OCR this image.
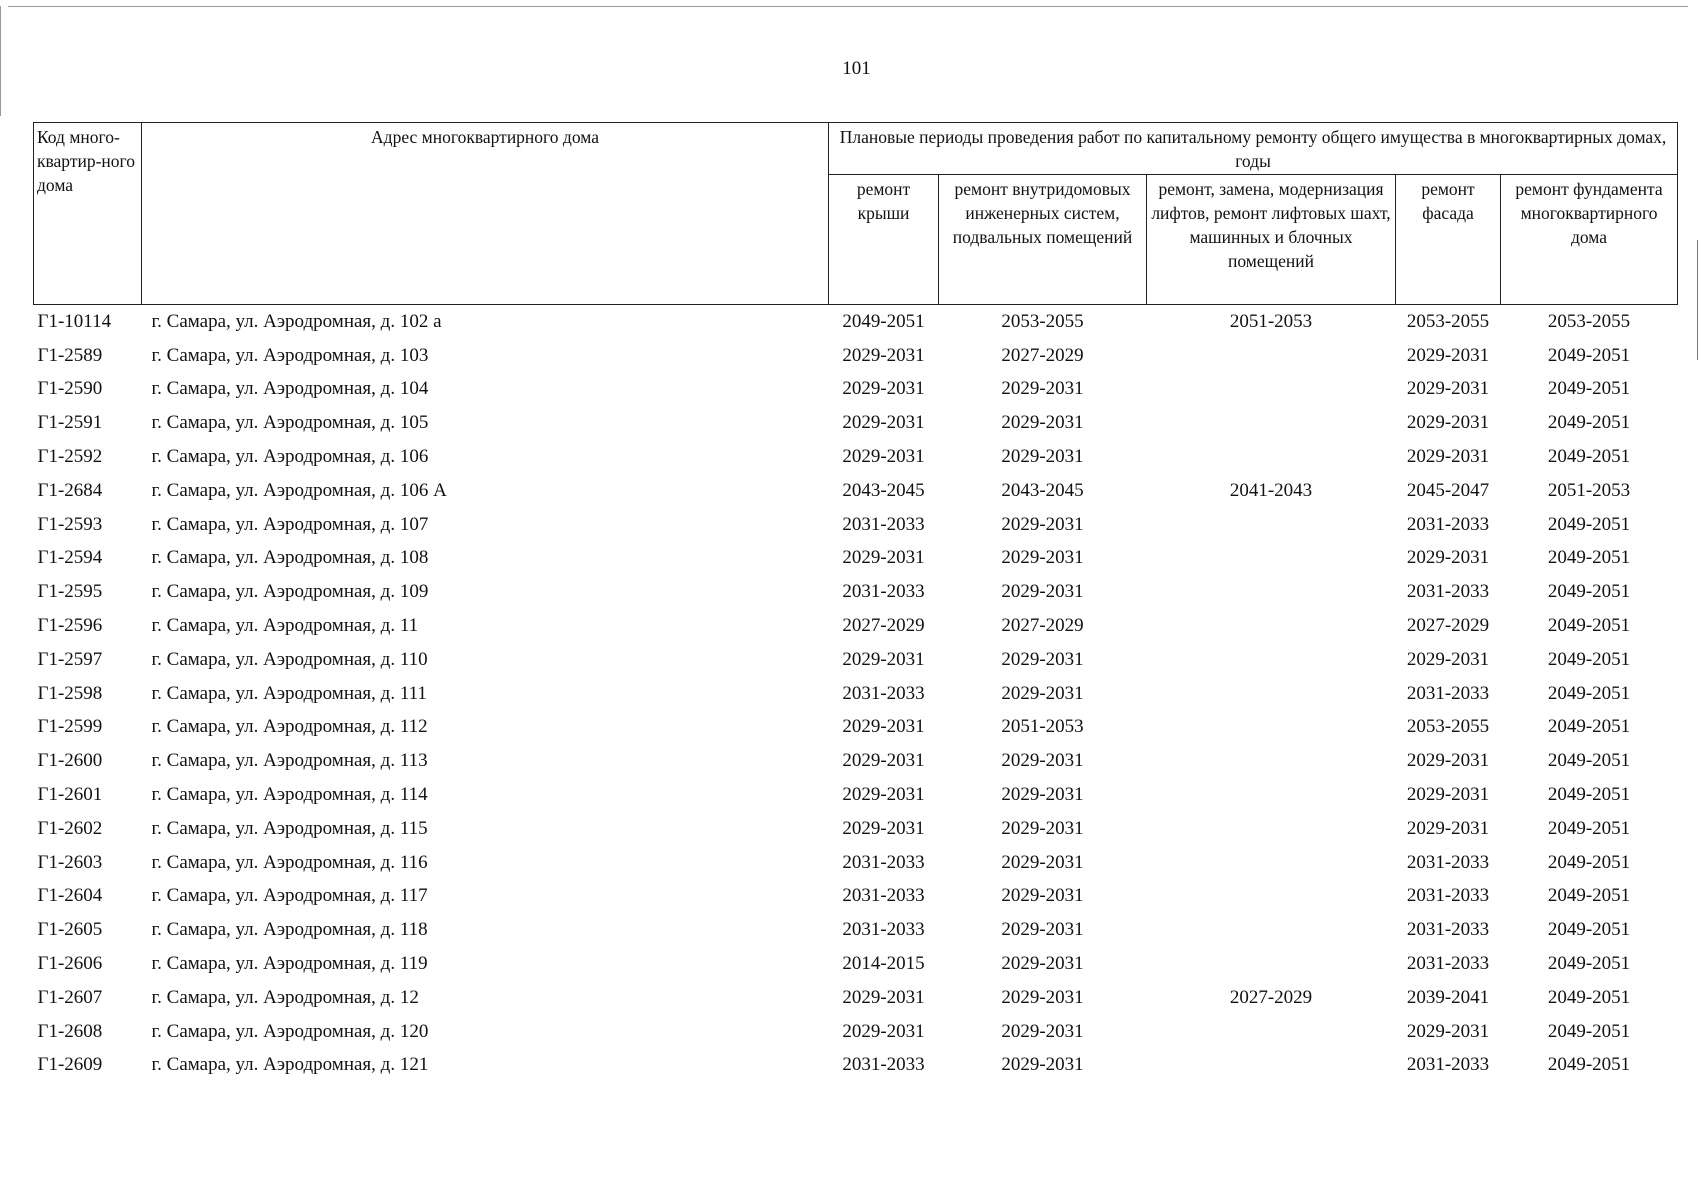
101
Код много-квартир-ного дома	Адрес многоквартирного дома	Плановые периоды проведения работ по капитальному ремонту общего имущества в многоквартирных домах, годы				
		ремонт крыши	ремонт внутридомовых инженерных систем, подвальных помещений	ремонт, замена, модернизация лифтов, ремонт лифтовых шахт, машинных и блочных помещений	ремонт фасада	ремонт фундамента многоквартирного дома
Г1-10114	г. Самара, ул. Аэродромная, д. 102 а	2049-2051	2053-2055	2051-2053	2053-2055	2053-2055
Г1-2589	г. Самара, ул. Аэродромная, д. 103	2029-2031	2027-2029		2029-2031	2049-2051
Г1-2590	г. Самара, ул. Аэродромная, д. 104	2029-2031	2029-2031		2029-2031	2049-2051
Г1-2591	г. Самара, ул. Аэродромная, д. 105	2029-2031	2029-2031		2029-2031	2049-2051
Г1-2592	г. Самара, ул. Аэродромная, д. 106	2029-2031	2029-2031		2029-2031	2049-2051
Г1-2684	г. Самара, ул. Аэродромная, д. 106 А	2043-2045	2043-2045	2041-2043	2045-2047	2051-2053
Г1-2593	г. Самара, ул. Аэродромная, д. 107	2031-2033	2029-2031		2031-2033	2049-2051
Г1-2594	г. Самара, ул. Аэродромная, д. 108	2029-2031	2029-2031		2029-2031	2049-2051
Г1-2595	г. Самара, ул. Аэродромная, д. 109	2031-2033	2029-2031		2031-2033	2049-2051
Г1-2596	г. Самара, ул. Аэродромная, д. 11	2027-2029	2027-2029		2027-2029	2049-2051
Г1-2597	г. Самара, ул. Аэродромная, д. 110	2029-2031	2029-2031		2029-2031	2049-2051
Г1-2598	г. Самара, ул. Аэродромная, д. 111	2031-2033	2029-2031		2031-2033	2049-2051
Г1-2599	г. Самара, ул. Аэродромная, д. 112	2029-2031	2051-2053		2053-2055	2049-2051
Г1-2600	г. Самара, ул. Аэродромная, д. 113	2029-2031	2029-2031		2029-2031	2049-2051
Г1-2601	г. Самара, ул. Аэродромная, д. 114	2029-2031	2029-2031		2029-2031	2049-2051
Г1-2602	г. Самара, ул. Аэродромная, д. 115	2029-2031	2029-2031		2029-2031	2049-2051
Г1-2603	г. Самара, ул. Аэродромная, д. 116	2031-2033	2029-2031		2031-2033	2049-2051
Г1-2604	г. Самара, ул. Аэродромная, д. 117	2031-2033	2029-2031		2031-2033	2049-2051
Г1-2605	г. Самара, ул. Аэродромная, д. 118	2031-2033	2029-2031		2031-2033	2049-2051
Г1-2606	г. Самара, ул. Аэродромная, д. 119	2014-2015	2029-2031		2031-2033	2049-2051
Г1-2607	г. Самара, ул. Аэродромная, д. 12	2029-2031	2029-2031	2027-2029	2039-2041	2049-2051
Г1-2608	г. Самара, ул. Аэродромная, д. 120	2029-2031	2029-2031		2029-2031	2049-2051
Г1-2609	г. Самара, ул. Аэродромная, д. 121	2031-2033	2029-2031		2031-2033	2049-2051
